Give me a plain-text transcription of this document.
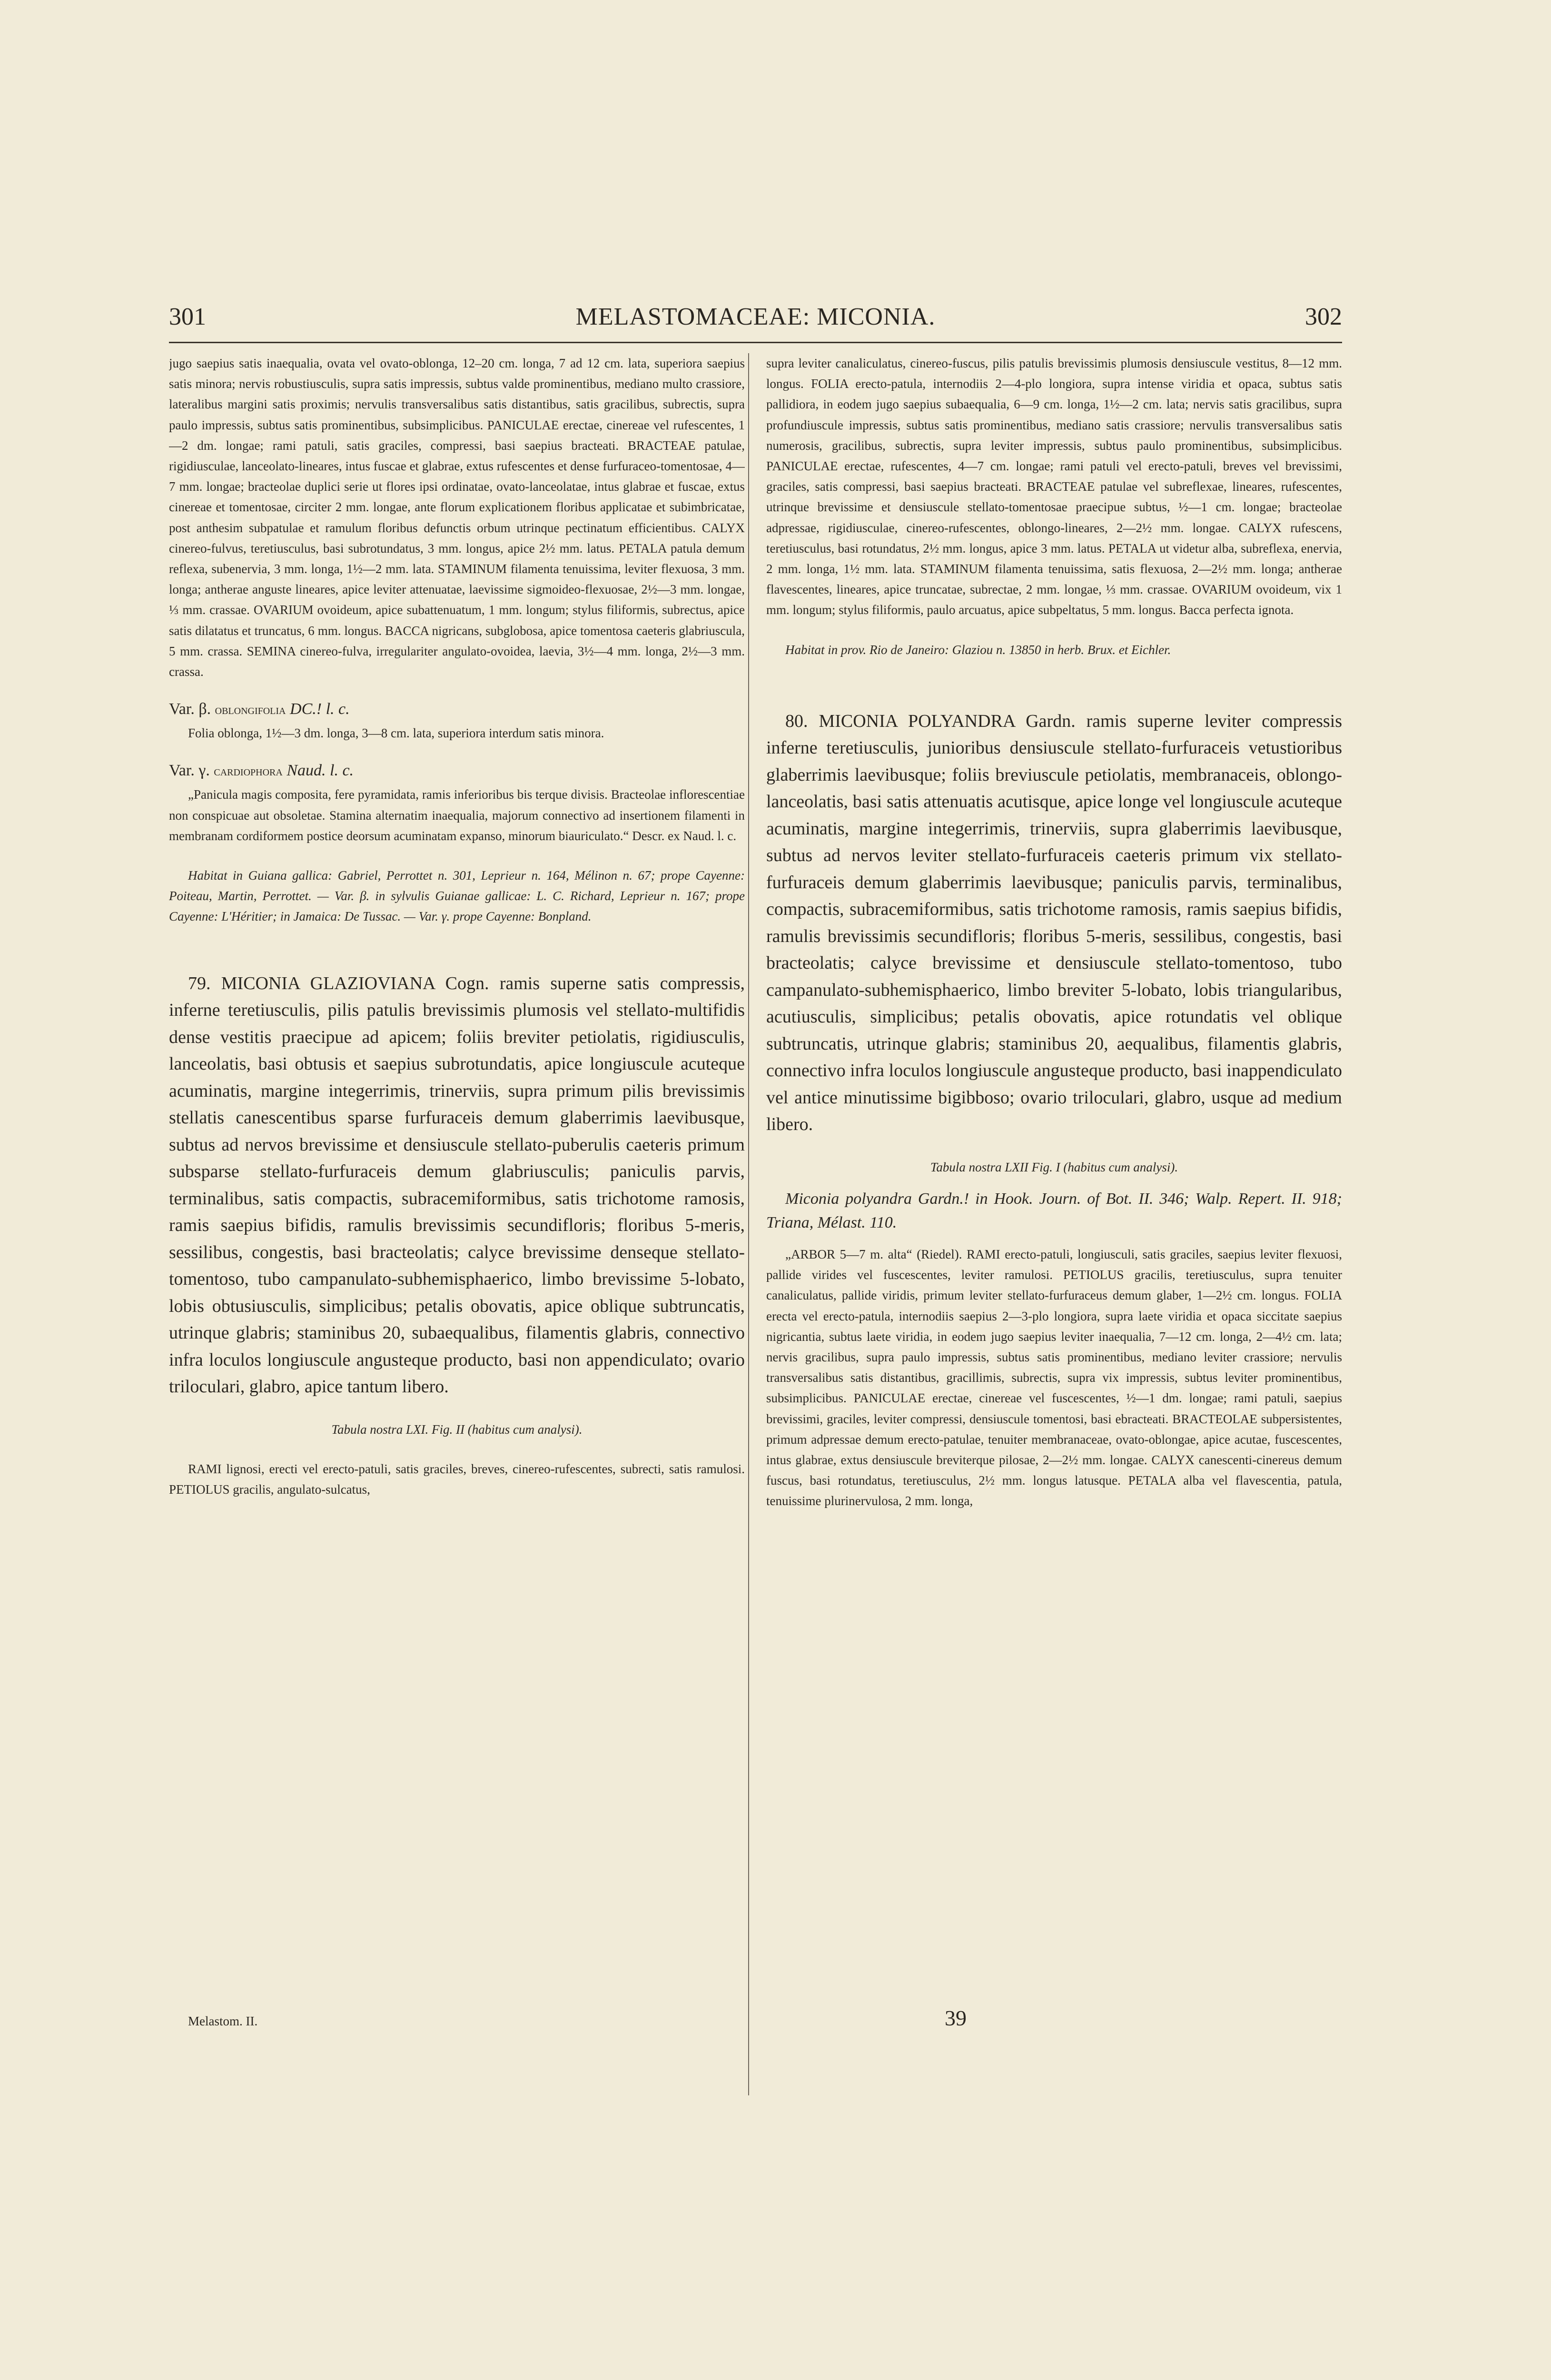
301	MELASTOMACEAE: MICONIA.	302

jugo saepius satis inaequalia, ovata vel ovato-oblonga, 12–20 cm. longa, 7 ad 12 cm. lata, superiora saepius satis minora; nervis robustiusculis, supra satis impressis, subtus valde prominentibus, mediano multo crassiore, lateralibus margini satis proximis; nervulis transversalibus satis distantibus, satis gracilibus, subrectis, supra paulo impressis, subtus satis prominentibus, subsimplicibus. PANICULAE erectae, cinereae vel rufescentes, 1—2 dm. longae; rami patuli, satis graciles, compressi, basi saepius bracteati. BRACTEAE patulae, rigidiusculae, lanceolato-lineares, intus fuscae et glabrae, extus rufescentes et dense furfuraceo-tomentosae, 4—7 mm. longae; bracteolae duplici serie ut flores ipsi ordinatae, ovato-lanceolatae, intus glabrae et fuscae, extus cinereae et tomentosae, circiter 2 mm. longae, ante florum explicationem floribus applicatae et subimbricatae, post anthesim subpatulae et ramulum floribus defunctis orbum utrinque pectinatum efficientibus. CALYX cinereo-fulvus, teretiusculus, basi subrotundatus, 3 mm. longus, apice 2½ mm. latus. PETALA patula demum reflexa, subenervia, 3 mm. longa, 1½—2 mm. lata. STAMINUM filamenta tenuissima, leviter flexuosa, 3 mm. longa; antherae anguste lineares, apice leviter attenuatae, laevissime sigmoideo-flexuosae, 2½—3 mm. longae, ⅓ mm. crassae. OVARIUM ovoideum, apice subattenuatum, 1 mm. longum; stylus filiformis, subrectus, apice satis dilatatus et truncatus, 6 mm. longus. BACCA nigricans, subglobosa, apice tomentosa caeteris glabriuscula, 5 mm. crassa. SEMINA cinereo-fulva, irregulariter angulato-ovoidea, laevia, 3½—4 mm. longa, 2½—3 mm. crassa.

Var. β. oblongifolia DC.! l. c.

Folia oblonga, 1½—3 dm. longa, 3—8 cm. lata, superiora interdum satis minora.

Var. γ. cardiophora Naud. l. c.

„Panicula magis composita, fere pyramidata, ramis inferioribus bis terque divisis. Bracteolae inflorescentiae non conspicuae aut obsoletae. Stamina alternatim inaequalia, majorum connectivo ad insertionem filamenti in membranam cordiformem postice deorsum acuminatam expanso, minorum biauriculato.“ Descr. ex Naud. l. c.

Habitat in Guiana gallica: Gabriel, Perrottet n. 301, Leprieur n. 164, Mélinon n. 67; prope Cayenne: Poiteau, Martin, Perrottet. — Var. β. in sylvulis Guianae gallicae: L. C. Richard, Leprieur n. 167; prope Cayenne: L'Héritier; in Jamaica: De Tussac. — Var. γ. prope Cayenne: Bonpland.

79. MICONIA GLAZIOVIANA Cogn. ramis superne satis compressis, inferne teretiusculis, pilis patulis brevissimis plumosis vel stellato-multifidis dense vestitis praecipue ad apicem; foliis breviter petiolatis, rigidiusculis, lanceolatis, basi obtusis et saepius subrotundatis, apice longiuscule acuteque acuminatis, margine integerrimis, trinerviis, supra primum pilis brevissimis stellatis canescentibus sparse furfuraceis demum glaberrimis laevibusque, subtus ad nervos brevissime et densiuscule stellato-puberulis caeteris primum subsparse stellato-furfuraceis demum glabriusculis; paniculis parvis, terminalibus, satis compactis, subracemiformibus, satis trichotome ramosis, ramis saepius bifidis, ramulis brevissimis secundifloris; floribus 5-meris, sessilibus, congestis, basi bracteolatis; calyce brevissime denseque stellato-tomentoso, tubo campanulato-subhemisphaerico, limbo brevissime 5-lobato, lobis obtusiusculis, simplicibus; petalis obovatis, apice oblique subtruncatis, utrinque glabris; staminibus 20, subaequalibus, filamentis glabris, connectivo infra loculos longiuscule angusteque producto, basi non appendiculato; ovario triloculari, glabro, apice tantum libero.

Tabula nostra LXI. Fig. II (habitus cum analysi).

RAMI lignosi, erecti vel erecto-patuli, satis graciles, breves, cinereo-rufescentes, subrecti, satis ramulosi. PETIOLUS gracilis, angulato-sulcatus,

supra leviter canaliculatus, cinereo-fuscus, pilis patulis brevissimis plumosis densiuscule vestitus, 8—12 mm. longus. FOLIA erecto-patula, internodiis 2—4-plo longiora, supra intense viridia et opaca, subtus satis pallidiora, in eodem jugo saepius subaequalia, 6—9 cm. longa, 1½—2 cm. lata; nervis satis gracilibus, supra profundiuscule impressis, subtus satis prominentibus, mediano satis crassiore; nervulis transversalibus satis numerosis, gracilibus, subrectis, supra leviter impressis, subtus paulo prominentibus, subsimplicibus. PANICULAE erectae, rufescentes, 4—7 cm. longae; rami patuli vel erecto-patuli, breves vel brevissimi, graciles, satis compressi, basi saepius bracteati. BRACTEAE patulae vel subreflexae, lineares, rufescentes, utrinque brevissime et densiuscule stellato-tomentosae praecipue subtus, ½—1 cm. longae; bracteolae adpressae, rigidiusculae, cinereo-rufescentes, oblongo-lineares, 2—2½ mm. longae. CALYX rufescens, teretiusculus, basi rotundatus, 2½ mm. longus, apice 3 mm. latus. PETALA ut videtur alba, subreflexa, enervia, 2 mm. longa, 1½ mm. lata. STAMINUM filamenta tenuissima, satis flexuosa, 2—2½ mm. longa; antherae flavescentes, lineares, apice truncatae, subrectae, 2 mm. longae, ⅓ mm. crassae. OVARIUM ovoideum, vix 1 mm. longum; stylus filiformis, paulo arcuatus, apice subpeltatus, 5 mm. longus. Bacca perfecta ignota.

Habitat in prov. Rio de Janeiro: Glaziou n. 13850 in herb. Brux. et Eichler.

80. MICONIA POLYANDRA Gardn. ramis superne leviter compressis inferne teretiusculis, junioribus densiuscule stellato-furfuraceis vetustioribus glaberrimis laevibusque; foliis breviuscule petiolatis, membranaceis, oblongo-lanceolatis, basi satis attenuatis acutisque, apice longe vel longiuscule acuteque acuminatis, margine integerrimis, trinerviis, supra glaberrimis laevibusque, subtus ad nervos leviter stellato-furfuraceis caeteris primum vix stellato-furfuraceis demum glaberrimis laevibusque; paniculis parvis, terminalibus, compactis, subracemiformibus, satis trichotome ramosis, ramis saepius bifidis, ramulis brevissimis secundifloris; floribus 5-meris, sessilibus, congestis, basi bracteolatis; calyce brevissime et densiuscule stellato-tomentoso, tubo campanulato-subhemisphaerico, limbo breviter 5-lobato, lobis triangularibus, acutiusculis, simplicibus; petalis obovatis, apice rotundatis vel oblique subtruncatis, utrinque glabris; staminibus 20, aequalibus, filamentis glabris, connectivo infra loculos longiuscule angusteque producto, basi inappendiculato vel antice minutissime bigibboso; ovario triloculari, glabro, usque ad medium libero.

Tabula nostra LXII Fig. I (habitus cum analysi).

Miconia polyandra Gardn.! in Hook. Journ. of Bot. II. 346; Walp. Repert. II. 918; Triana, Mélast. 110.

„ARBOR 5—7 m. alta“ (Riedel). RAMI erecto-patuli, longiusculi, satis graciles, saepius leviter flexuosi, pallide virides vel fuscescentes, leviter ramulosi. PETIOLUS gracilis, teretiusculus, supra tenuiter canaliculatus, pallide viridis, primum leviter stellato-furfuraceus demum glaber, 1—2½ cm. longus. FOLIA erecta vel erecto-patula, internodiis saepius 2—3-plo longiora, supra laete viridia et opaca siccitate saepius nigricantia, subtus laete viridia, in eodem jugo saepius leviter inaequalia, 7—12 cm. longa, 2—4½ cm. lata; nervis gracilibus, supra paulo impressis, subtus satis prominentibus, mediano leviter crassiore; nervulis transversalibus satis distantibus, gracillimis, subrectis, supra vix impressis, subtus leviter prominentibus, subsimplicibus. PANICULAE erectae, cinereae vel fuscescentes, ½—1 dm. longae; rami patuli, saepius brevissimi, graciles, leviter compressi, densiuscule tomentosi, basi ebracteati. BRACTEOLAE subpersistentes, primum adpressae demum erecto-patulae, tenuiter membranaceae, ovato-oblongae, apice acutae, fuscescentes, intus glabrae, extus densiuscule breviterque pilosae, 2—2½ mm. longae. CALYX canescenti-cinereus demum fuscus, basi rotundatus, teretiusculus, 2½ mm. longus latusque. PETALA alba vel flavescentia, patula, tenuissime plurinervulosa, 2 mm. longa,

Melastom. II.	39
